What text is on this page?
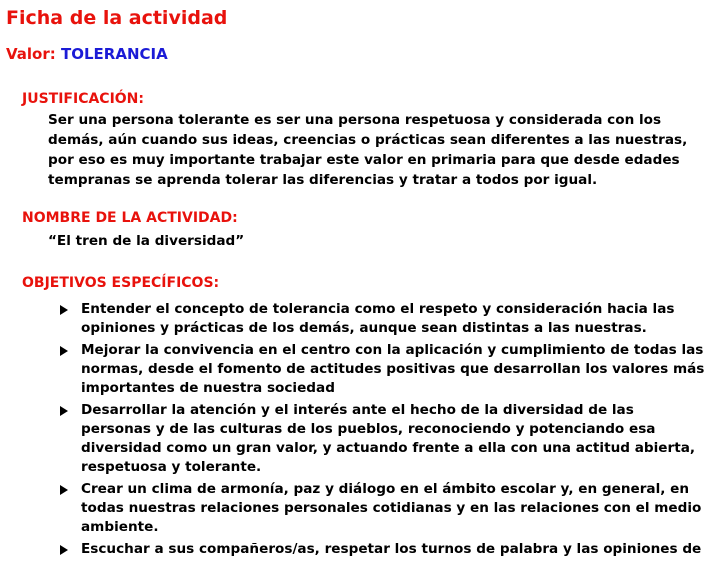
Ficha de la actividad
Valor: TOLERANCIA
JUSTIFICACIÓN:
Ser una persona tolerante es ser una persona respetuosa y considerada con los
demás, aún cuando sus ideas, creencias o prácticas sean diferentes a las nuestras,
por eso es muy importante trabajar este valor en primaria para que desde edades
tempranas se aprenda tolerar las diferencias y tratar a todos por igual.
NOMBRE DE LA ACTIVIDAD:
“El tren de la diversidad”
OBJETIVOS ESPECÍFICOS:
Entender el concepto de tolerancia como el respeto y consideración hacia las
opiniones y prácticas de los demás, aunque sean distintas a las nuestras.
Mejorar la convivencia en el centro con la aplicación y cumplimiento de todas las
normas, desde el fomento de actitudes positivas que desarrollan los valores más
importantes de nuestra sociedad
Desarrollar la atención y el interés ante el hecho de la diversidad de las
personas y de las culturas de los pueblos, reconociendo y potenciando esa
diversidad como un gran valor, y actuando frente a ella con una actitud abierta,
respetuosa y tolerante.
Crear un clima de armonía, paz y diálogo en el ámbito escolar y, en general, en
todas nuestras relaciones personales cotidianas y en las relaciones con el medio
ambiente.
Escuchar a sus compañeros/as, respetar los turnos de palabra y las opiniones de
